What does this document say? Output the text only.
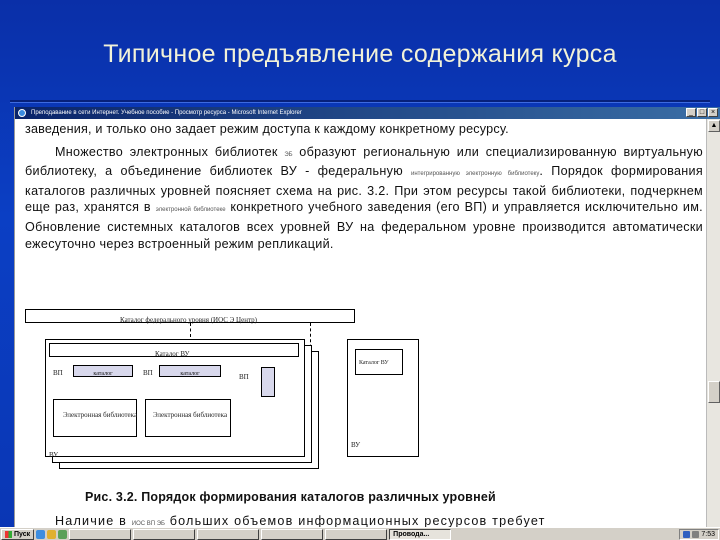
Типичное предъявление содержания курса
Преподавание в сети Интернет. Учебное пособие - Просмотр ресурса - Microsoft Internet Explorer	_ □ ×
заведения, и только оно задает режим доступа к каждому конкретному ресурсу.
Множество электронных библиотек ЭБ образуют региональную или специализированную виртуальную библиотеку, а объединение библиотек ВУ - федеральную интегрированную электронную библиотеку. Порядок формирования каталогов различных уровней поясняет схема на рис. 3.2. При этом ресурсы такой библиотеки, подчеркнем еще раз, хранятся в электронной библиотеке конкретного учебного заведения (его ВП) и управляется исключительно им. Обновление системных каталогов всех уровней ВУ на федеральном уровне производится автоматически ежесуточно через встроенный режим репликаций.
Каталог федерального уровня (ИОС Э Центр)
ВУ
Каталог ВУ
ВП	каталог
Электронная библиотека
ВП	каталог
Электронная библиотека
ВП
Каталог ВУ
ВУ
Рис. 3.2. Порядок формирования каталогов различных уровней
Наличие в ИОС ВП ЭБ больших объемов информационных ресурсов требует
▲
Пуск	Провода...	7:53
